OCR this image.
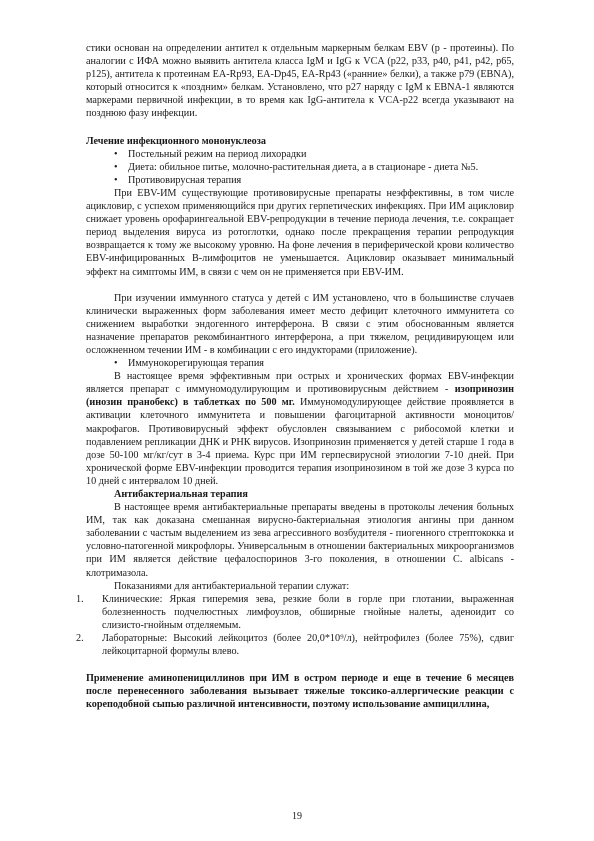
стики основан на определении антител к отдельным маркерным белкам EBV (р - протеины). По аналогии с ИФА можно выявить антитела класса IgM и IgG к VCA (р22, р33, р40, р41, р42, р65, р125), антитела к протеинам EA-Rp93, EA-Dp45, EA-Rp43 («ранние» белки), а также р79 (EBNA), который относится к «поздним» белкам. Установлено, что р27 наряду с IgM к EBNA-1 являются маркерами первичной инфекции, в то время как IgG-антитела к VCA-р22 всегда указывают на позднюю фазу инфекции.

Лечение инфекционного мононуклеоза

• Постельный режим на период лихорадки
• Диета: обильное питье, молочно-растительная диета, а в стационаре - диета №5.
• Противовирусная терапия

При EBV-ИМ существующие противовирусные препараты неэффективны, в том числе ацикловир, с успехом применяющийся при других герпетических инфекциях. При ИМ ацикловир снижает уровень орофарингеальной EBV-репродукции в течение периода лечения, т.е. сокращает период выделения вируса из ротоглотки, однако после прекращения терапии репродукция возвращается к тому же высокому уровню. На фоне лечения в периферической крови количество EBV-инфицированных В-лимфоцитов не уменьшается. Ацикловир оказывает минимальный эффект на симптомы ИМ, в связи с чем он не применяется при EBV-ИМ.

При изучении иммунного статуса у детей с ИМ установлено, что в большинстве случаев клинически выраженных форм заболевания имеет место дефицит клеточного иммунитета со снижением выработки эндогенного интерферона. В связи с этим обоснованным является назначение препаратов рекомбинантного интерферона, а при тяжелом, рецидивирующем или осложненном течении ИМ - в комбинации с его индукторами (приложение).

• Иммунокорегирующая терапия

В настоящее время эффективным при острых и хронических формах EBV-инфекции является препарат с иммуномодулирующим и противовирусным действием - изопринозин (инозин пранобекс) в таблетках по 500 мг. Иммуномодулирующее действие проявляется в активации клеточного иммунитета и повышении фагоцитарной активности моноцитов/макрофагов. Противовирусный эффект обусловлен связыванием с рибосомой клетки и подавлением репликации ДНК и РНК вирусов. Изопринозин применяется у детей старше 1 года в дозе 50-100 мг/кг/сут в 3-4 приема. Курс при ИМ герпесвирусной этиологии 7-10 дней. При хронической форме EBV-инфекции проводится терапия изопринозином в той же дозе 3 курса по 10 дней с интервалом 10 дней.

Антибактериальная терапия

В настоящее время антибактериальные препараты введены в протоколы лечения больных ИМ, так как доказана смешанная вирусно-бактериальная этиология ангины при данном заболевании с частым выделением из зева агрессивного возбудителя - пиогенного стрептококка и условно-патогенной микрофлоры. Универсальным в отношении бактериальных микроорганизмов при ИМ является действие цефалоспоринов 3-го поколения, в отношении C. albicans - клотримазола.

Показаниями для антибактериальной терапии служат:

1. Клинические: Яркая гиперемия зева, резкие боли в горле при глотании, выраженная болезненность подчелюстных лимфоузлов, обширные гнойные налеты, аденоидит со слизисто-гнойным отделяемым.
2. Лабораторные: Высокий лейкоцитоз (более 20,0*10⁹/л), нейтрофилез (более 75%), сдвиг лейкоцитарной формулы влево.

Применение аминопенициллинов при ИМ в остром периоде и еще в течение 6 месяцев после перенесенного заболевания вызывает тяжелые токсико-аллергические реакции с кореподобной сыпью различной интенсивности, поэтому использование ампициллина,

19
